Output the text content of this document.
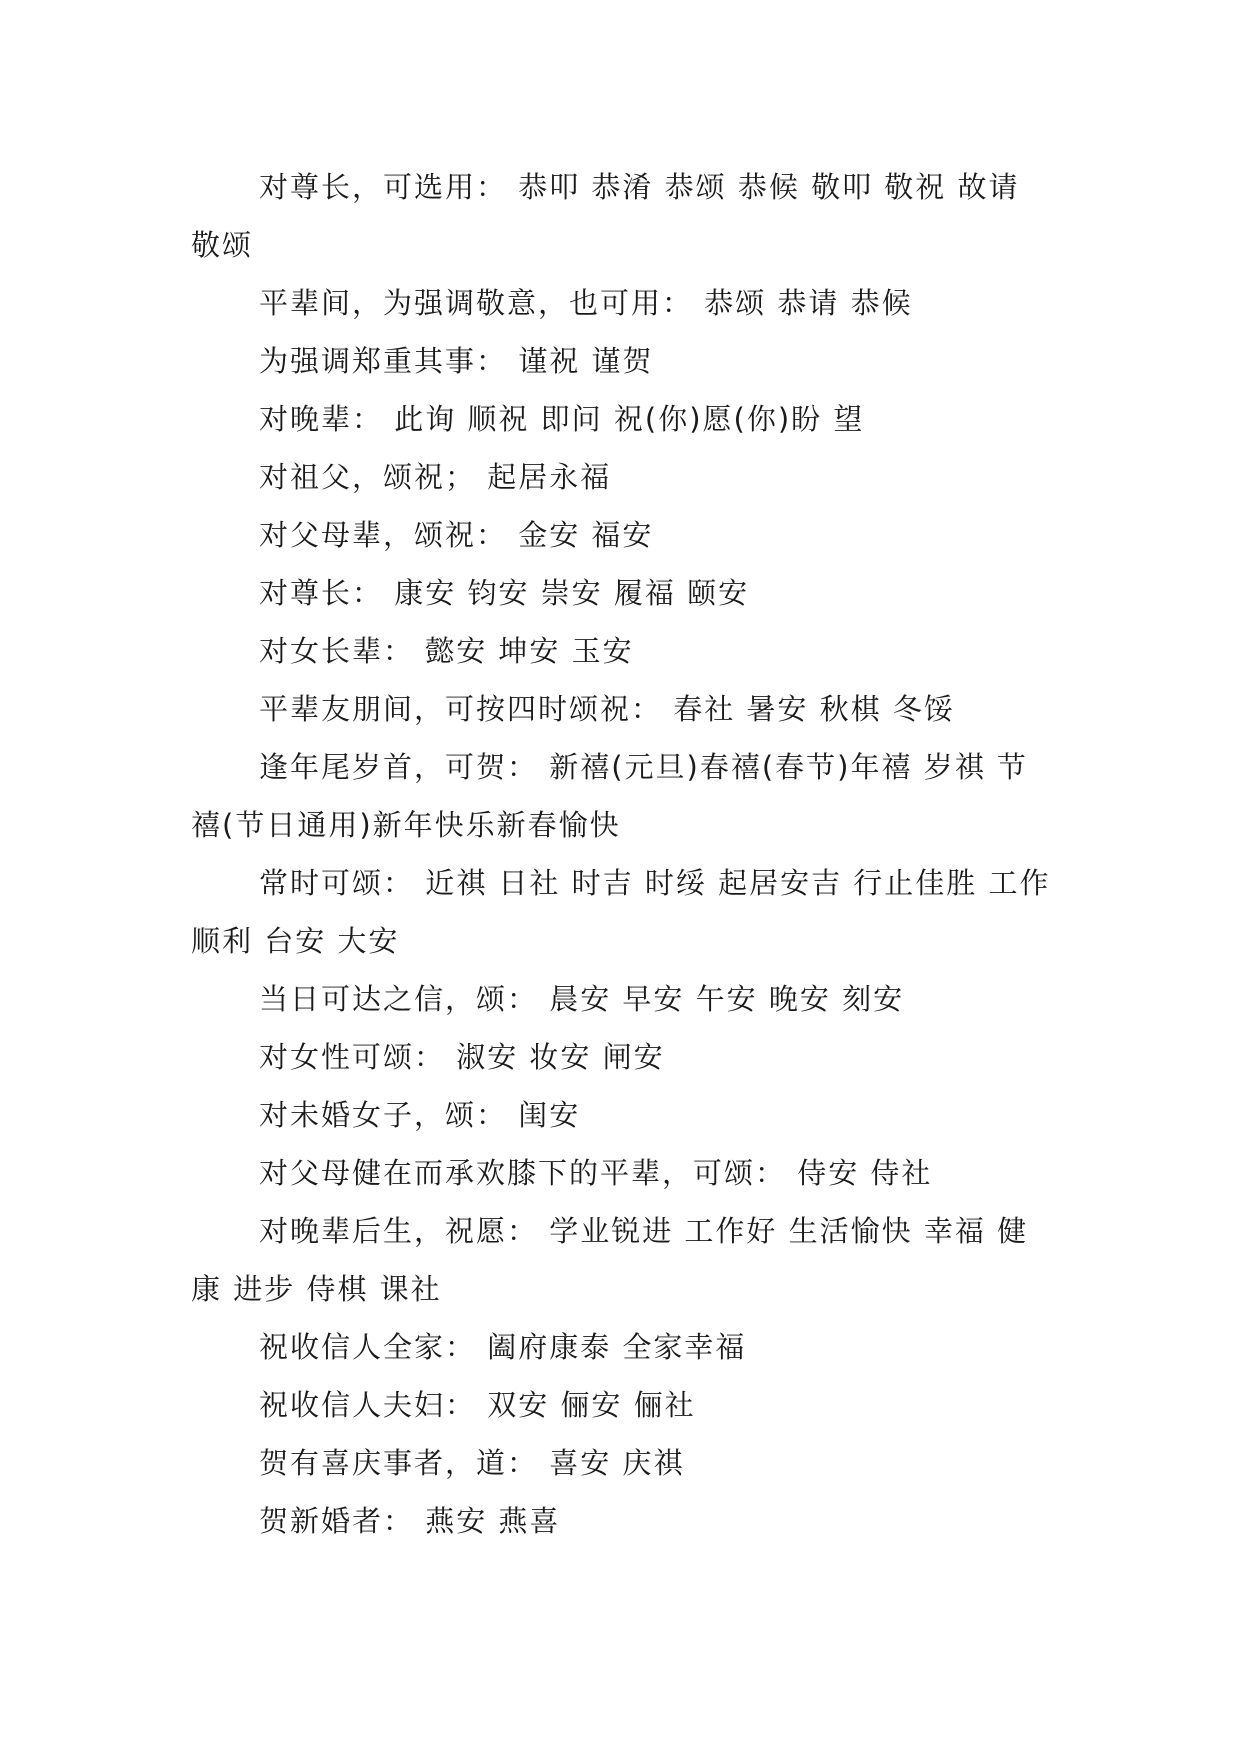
对尊长，可选用： 恭叩 恭淆 恭颂 恭候 敬叩 敬祝 故请 敬颂

平辈间，为强调敬意，也可用： 恭颂 恭请 恭候

为强调郑重其事： 谨祝 谨贺

对晚辈： 此询 顺祝 即问 祝(你)愿(你)盼 望

对祖父，颂祝； 起居永福

对父母辈，颂祝： 金安 福安

对尊长： 康安 钧安 崇安 履福 颐安

对女长辈： 懿安 坤安 玉安

平辈友朋间，可按四时颂祝： 春社 暑安 秋棋 冬馁

逢年尾岁首，可贺： 新禧(元旦)春禧(春节)年禧 岁祺 节禧(节日通用)新年快乐新春愉快

常时可颂： 近祺 日社 时吉 时绥 起居安吉 行止佳胜 工作顺利 台安 大安

当日可达之信，颂： 晨安 早安 午安 晚安 刻安

对女性可颂： 淑安 妆安 闸安

对未婚女子，颂： 闺安

对父母健在而承欢膝下的平辈，可颂： 侍安 侍社

对晚辈后生，祝愿： 学业锐进 工作好 生活愉快 幸福 健康 进步 侍棋 课社

祝收信人全家： 阖府康泰 全家幸福

祝收信人夫妇： 双安 俪安 俪社

贺有喜庆事者，道： 喜安 庆祺

贺新婚者： 燕安 燕喜
